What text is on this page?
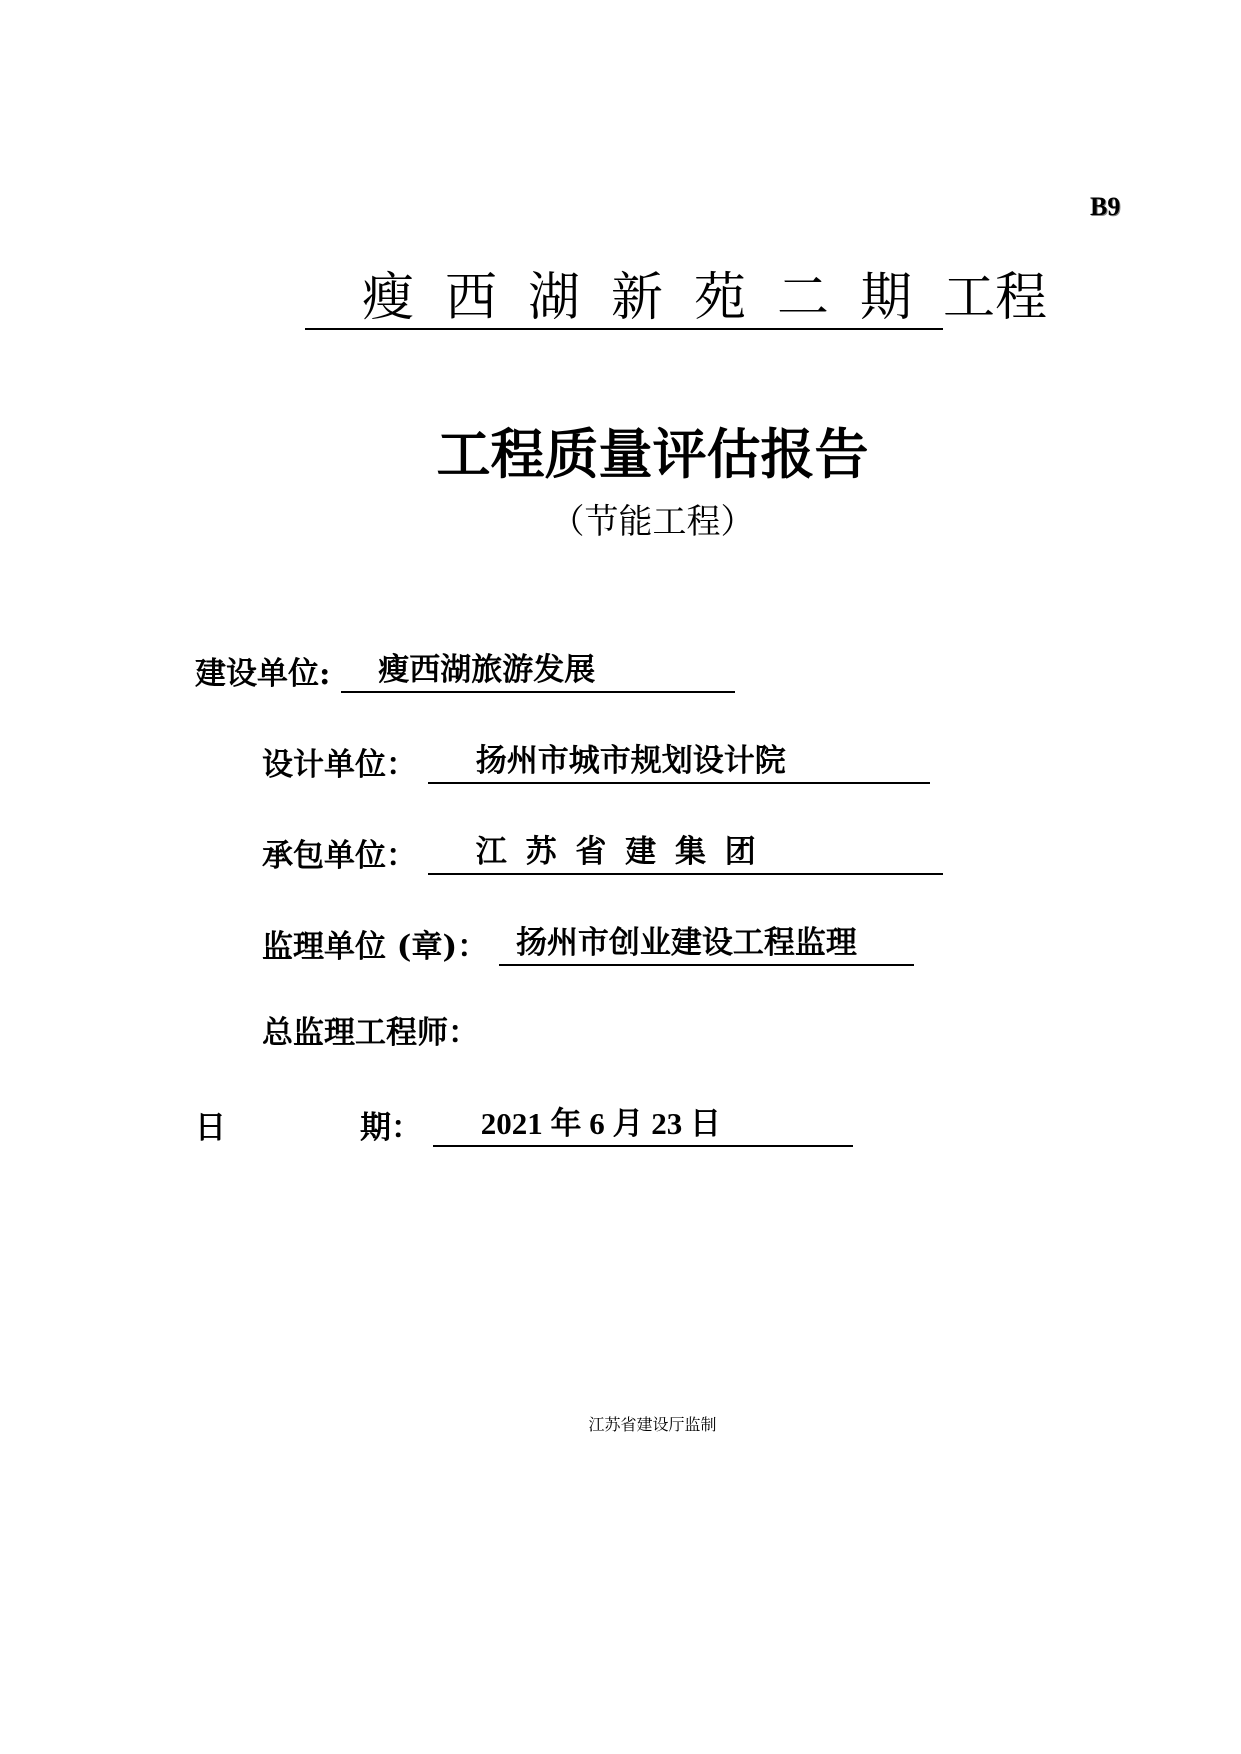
B9
瘦西湖新苑二期工程
工程质量评估报告
（节能工程）
建设单位: 瘦西湖旅游发展
设计单位： 扬州市城市规划设计院
承包单位： 江 苏 省 建 集 团
监理单位 (章)： 扬州市创业建设工程监理
总监理工程师：
日	期： 2021 年 6 月 23 日
江苏省建设厅监制
